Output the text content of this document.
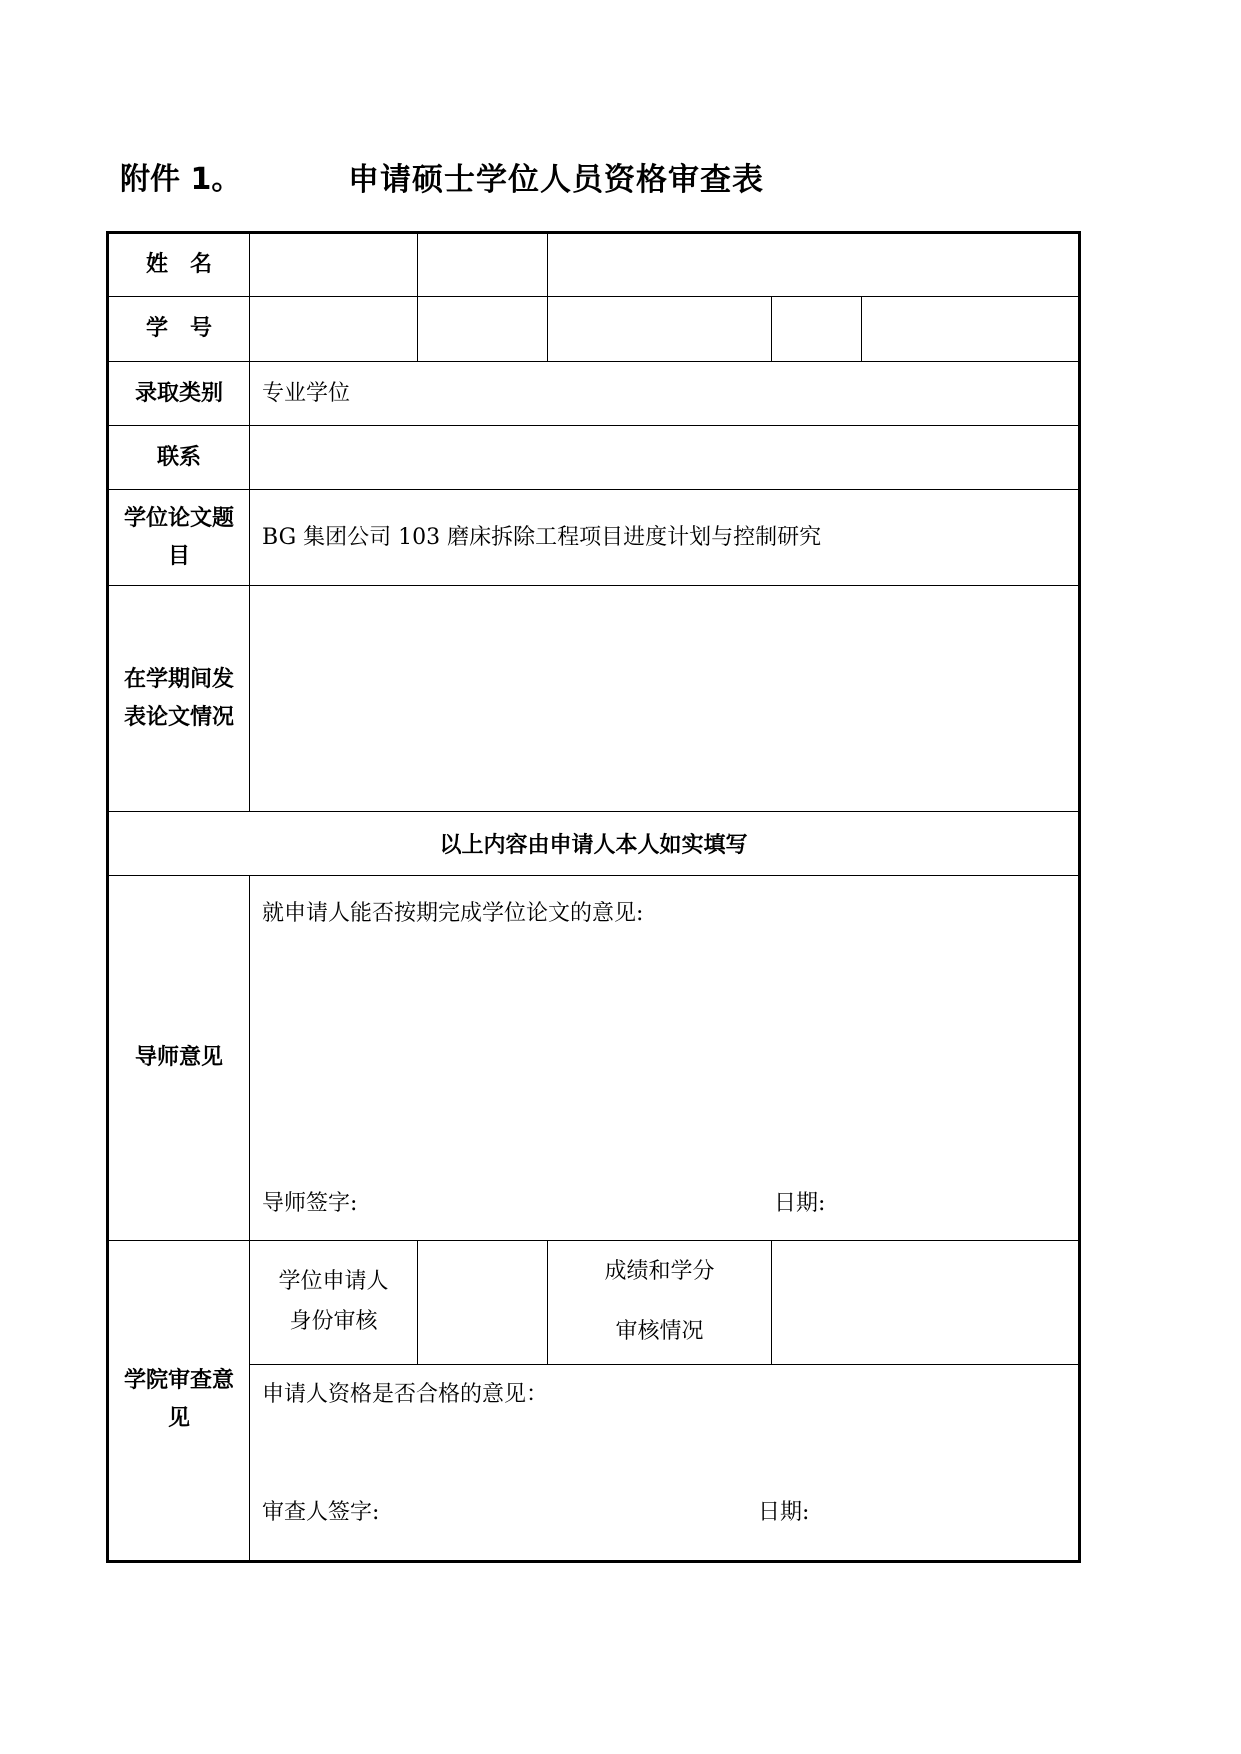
附件 1。	申请硕士学位人员资格审查表
姓　名					
学　号					
录取类别	专业学位				
联系					
学位论文题目	BG 集团公司 103 磨床拆除工程项目进度计划与控制研究				
在学期间发表论文情况					
以上内容由申请人本人如实填写					
导师意见	就申请人能否按期完成学位论文的意见:
导师签字: 日期:				

学院审查意见	学位申请人身份审核		成绩和学分
审核情况		

	申请人资格是否合格的意见：
审查人签字: 日期:				
